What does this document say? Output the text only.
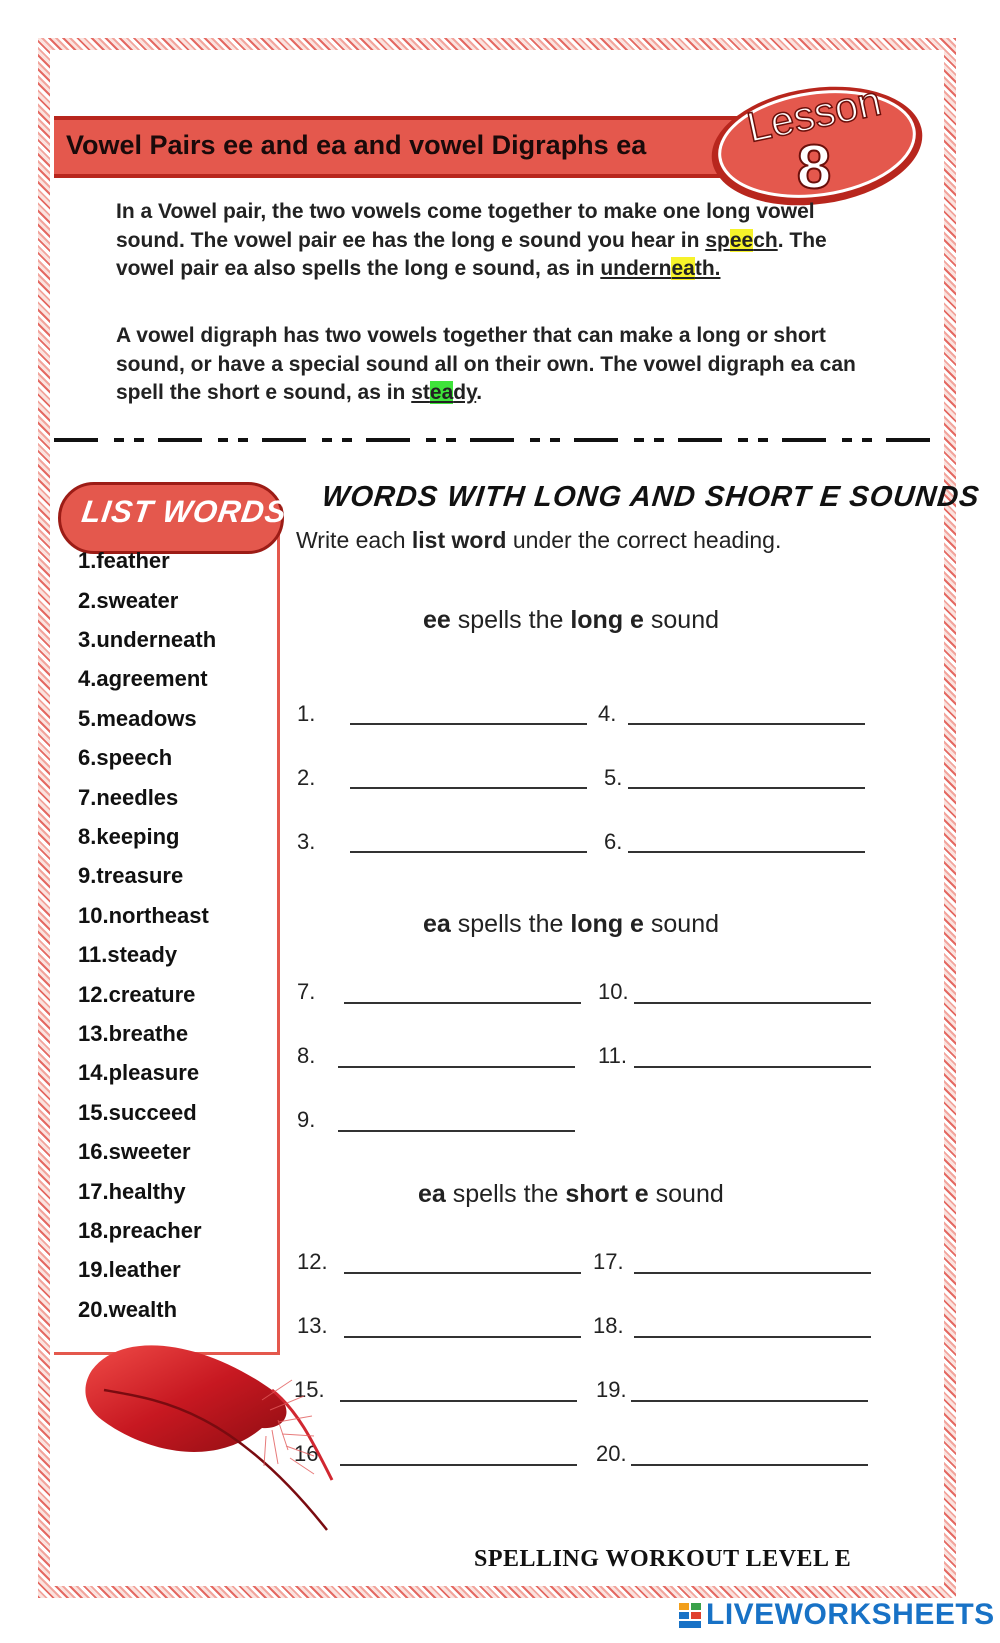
Vowel Pairs ee and ea and vowel Digraphs ea Lesson
8
In a Vowel pair, the two vowels come together to make one long vowel sound. The vowel pair ee has the long e sound you hear in speech. The vowel pair ea also spells the long e sound, as in underneath.
A vowel digraph has two vowels together that can make a long or short sound, or have a special sound all on their own. The vowel digraph ea can spell the short e sound, as in steady.
LIST WORDS
1.feather
2.sweater
3.underneath
4.agreement
5.meadows
6.speech
7.needles
8.keeping
9.treasure
10.northeast
11.steady
12.creature
13.breathe
14.pleasure
15.succeed
16.sweeter
17.healthy
18.preacher
19.leather
20.wealth
WORDS WITH LONG AND SHORT E SOUNDS
Write each list word under the correct heading.
ee spells the long e sound
1.	4.
2.	5.
3.	6.
ea spells the long e sound
7.	10.
8.	11.
9.
ea spells the short e sound
12.	17.
13.	18.
15.	19.
16.	20.
SPELLING WORKOUT LEVEL E
LIVEWORKSHEETS
